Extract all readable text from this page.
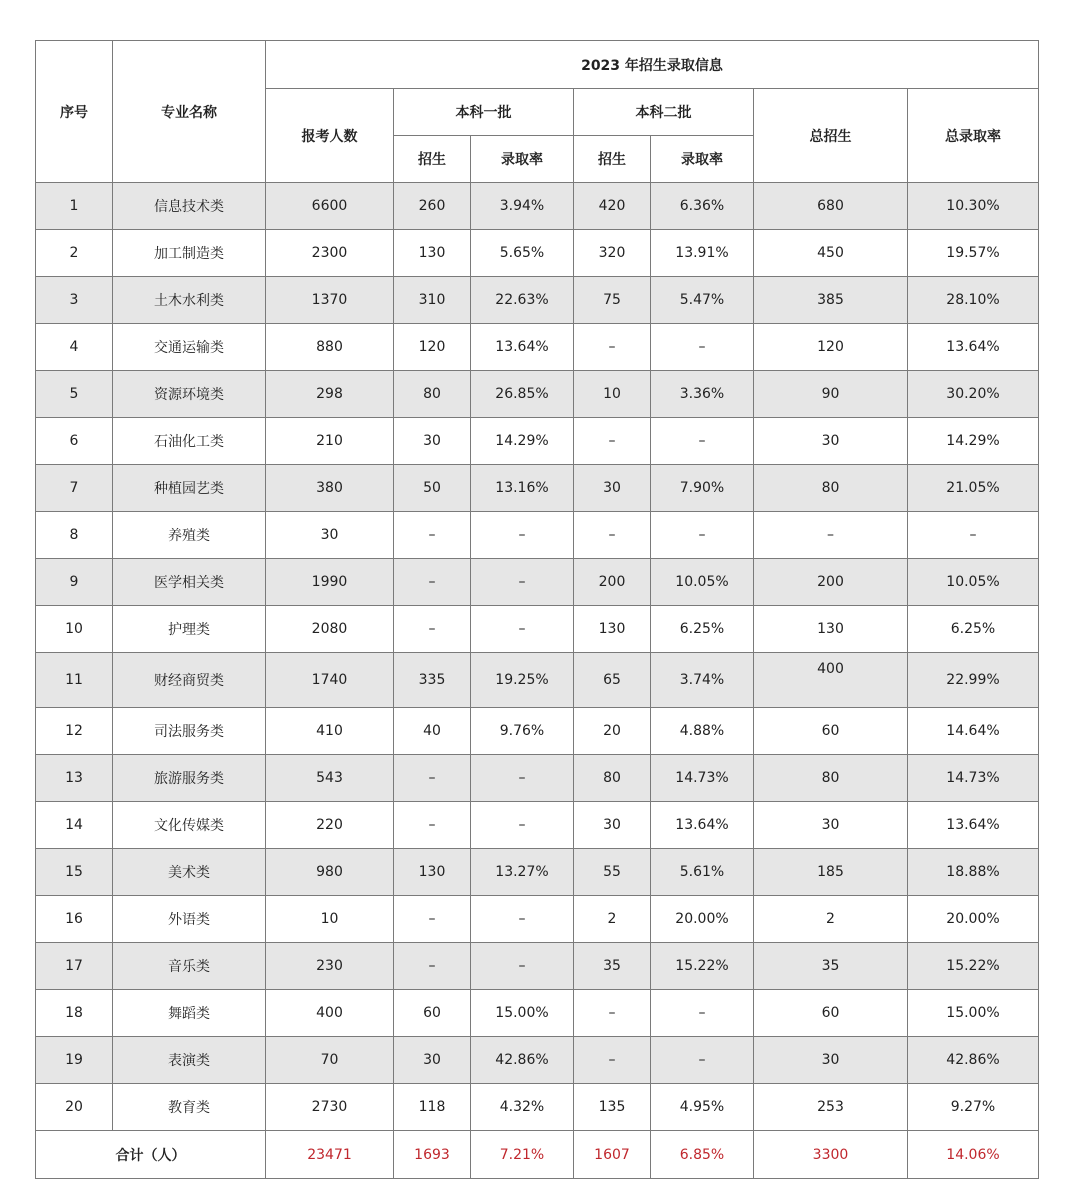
序号	专业名称	2023 年招生录取信息						
		报考人数	本科一批		本科二批		总招生	总录取率
			招生	录取率	招生	录取率		
1	信息技术类	6600	260	3.94%	420	6.36%	680	10.30%
2	加工制造类	2300	130	5.65%	320	13.91%	450	19.57%
3	土木水利类	1370	310	22.63%	75	5.47%	385	28.10%
4	交通运输类	880	120	13.64%	–	–	120	13.64%
5	资源环境类	298	80	26.85%	10	3.36%	90	30.20%
6	石油化工类	210	30	14.29%	–	–	30	14.29%
7	种植园艺类	380	50	13.16%	30	7.90%	80	21.05%
8	养殖类	30	–	–	–	–	–	–
9	医学相关类	1990	–	–	200	10.05%	200	10.05%
10	护理类	2080	–	–	130	6.25%	130	6.25%
11	财经商贸类	1740	335	19.25%	65	3.74%	400	22.99%
12	司法服务类	410	40	9.76%	20	4.88%	60	14.64%
13	旅游服务类	543	–	–	80	14.73%	80	14.73%
14	文化传媒类	220	–	–	30	13.64%	30	13.64%
15	美术类	980	130	13.27%	55	5.61%	185	18.88%
16	外语类	10	–	–	2	20.00%	2	20.00%
17	音乐类	230	–	–	35	15.22%	35	15.22%
18	舞蹈类	400	60	15.00%	–	–	60	15.00%
19	表演类	70	30	42.86%	–	–	30	42.86%
20	教育类	2730	118	4.32%	135	4.95%	253	9.27%
合计（人）		23471	1693	7.21%	1607	6.85%	3300	14.06%
